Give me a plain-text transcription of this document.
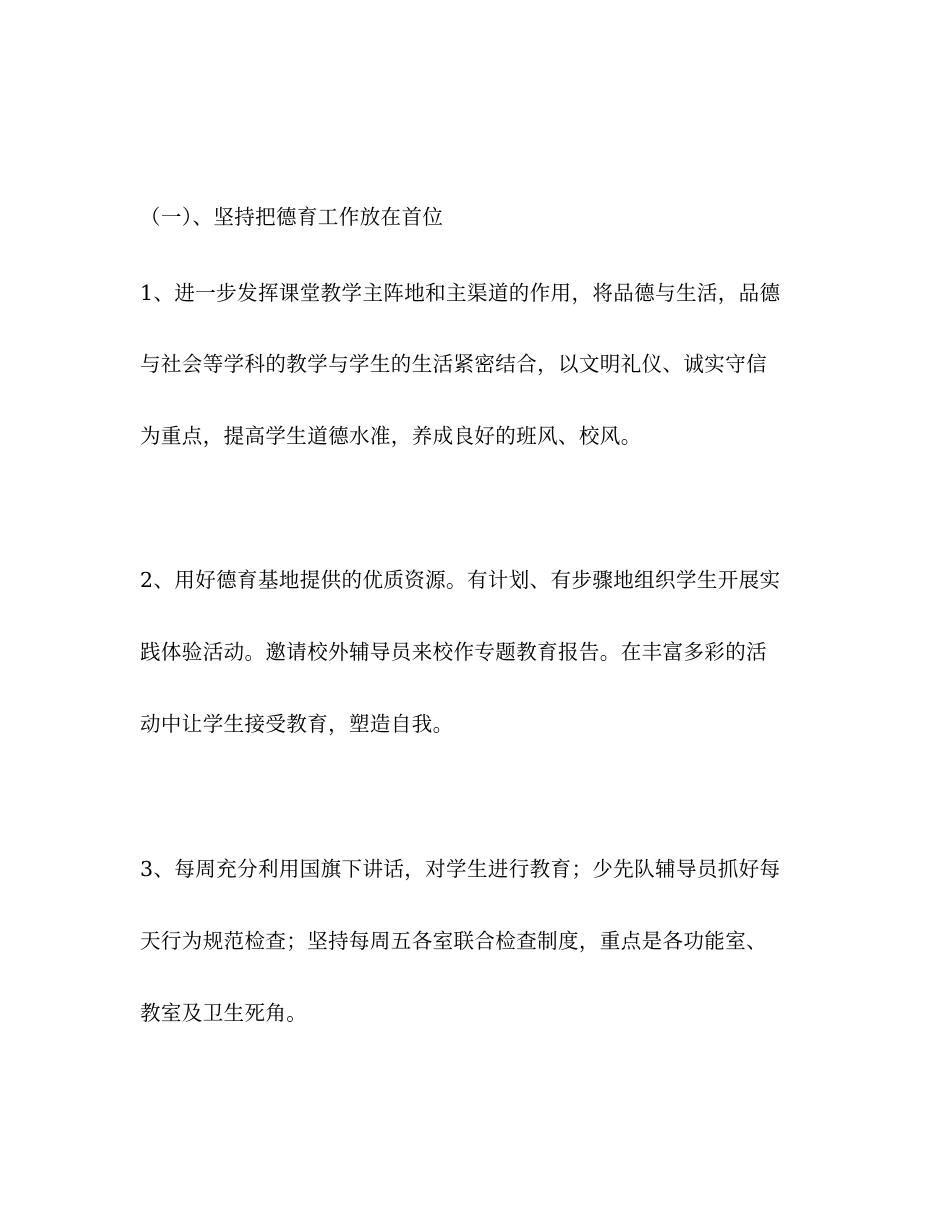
（一）、坚持把德育工作放在首位
1、进一步发挥课堂教学主阵地和主渠道的作用，将品德与生活，品德
与社会等学科的教学与学生的生活紧密结合，以文明礼仪、诚实守信
为重点，提高学生道德水准，养成良好的班风、校风。
2、用好德育基地提供的优质资源。有计划、有步骤地组织学生开展实
践体验活动。邀请校外辅导员来校作专题教育报告。在丰富多彩的活
动中让学生接受教育，塑造自我。
3、每周充分利用国旗下讲话，对学生进行教育；少先队辅导员抓好每
天行为规范检查；坚持每周五各室联合检查制度，重点是各功能室、
教室及卫生死角。
